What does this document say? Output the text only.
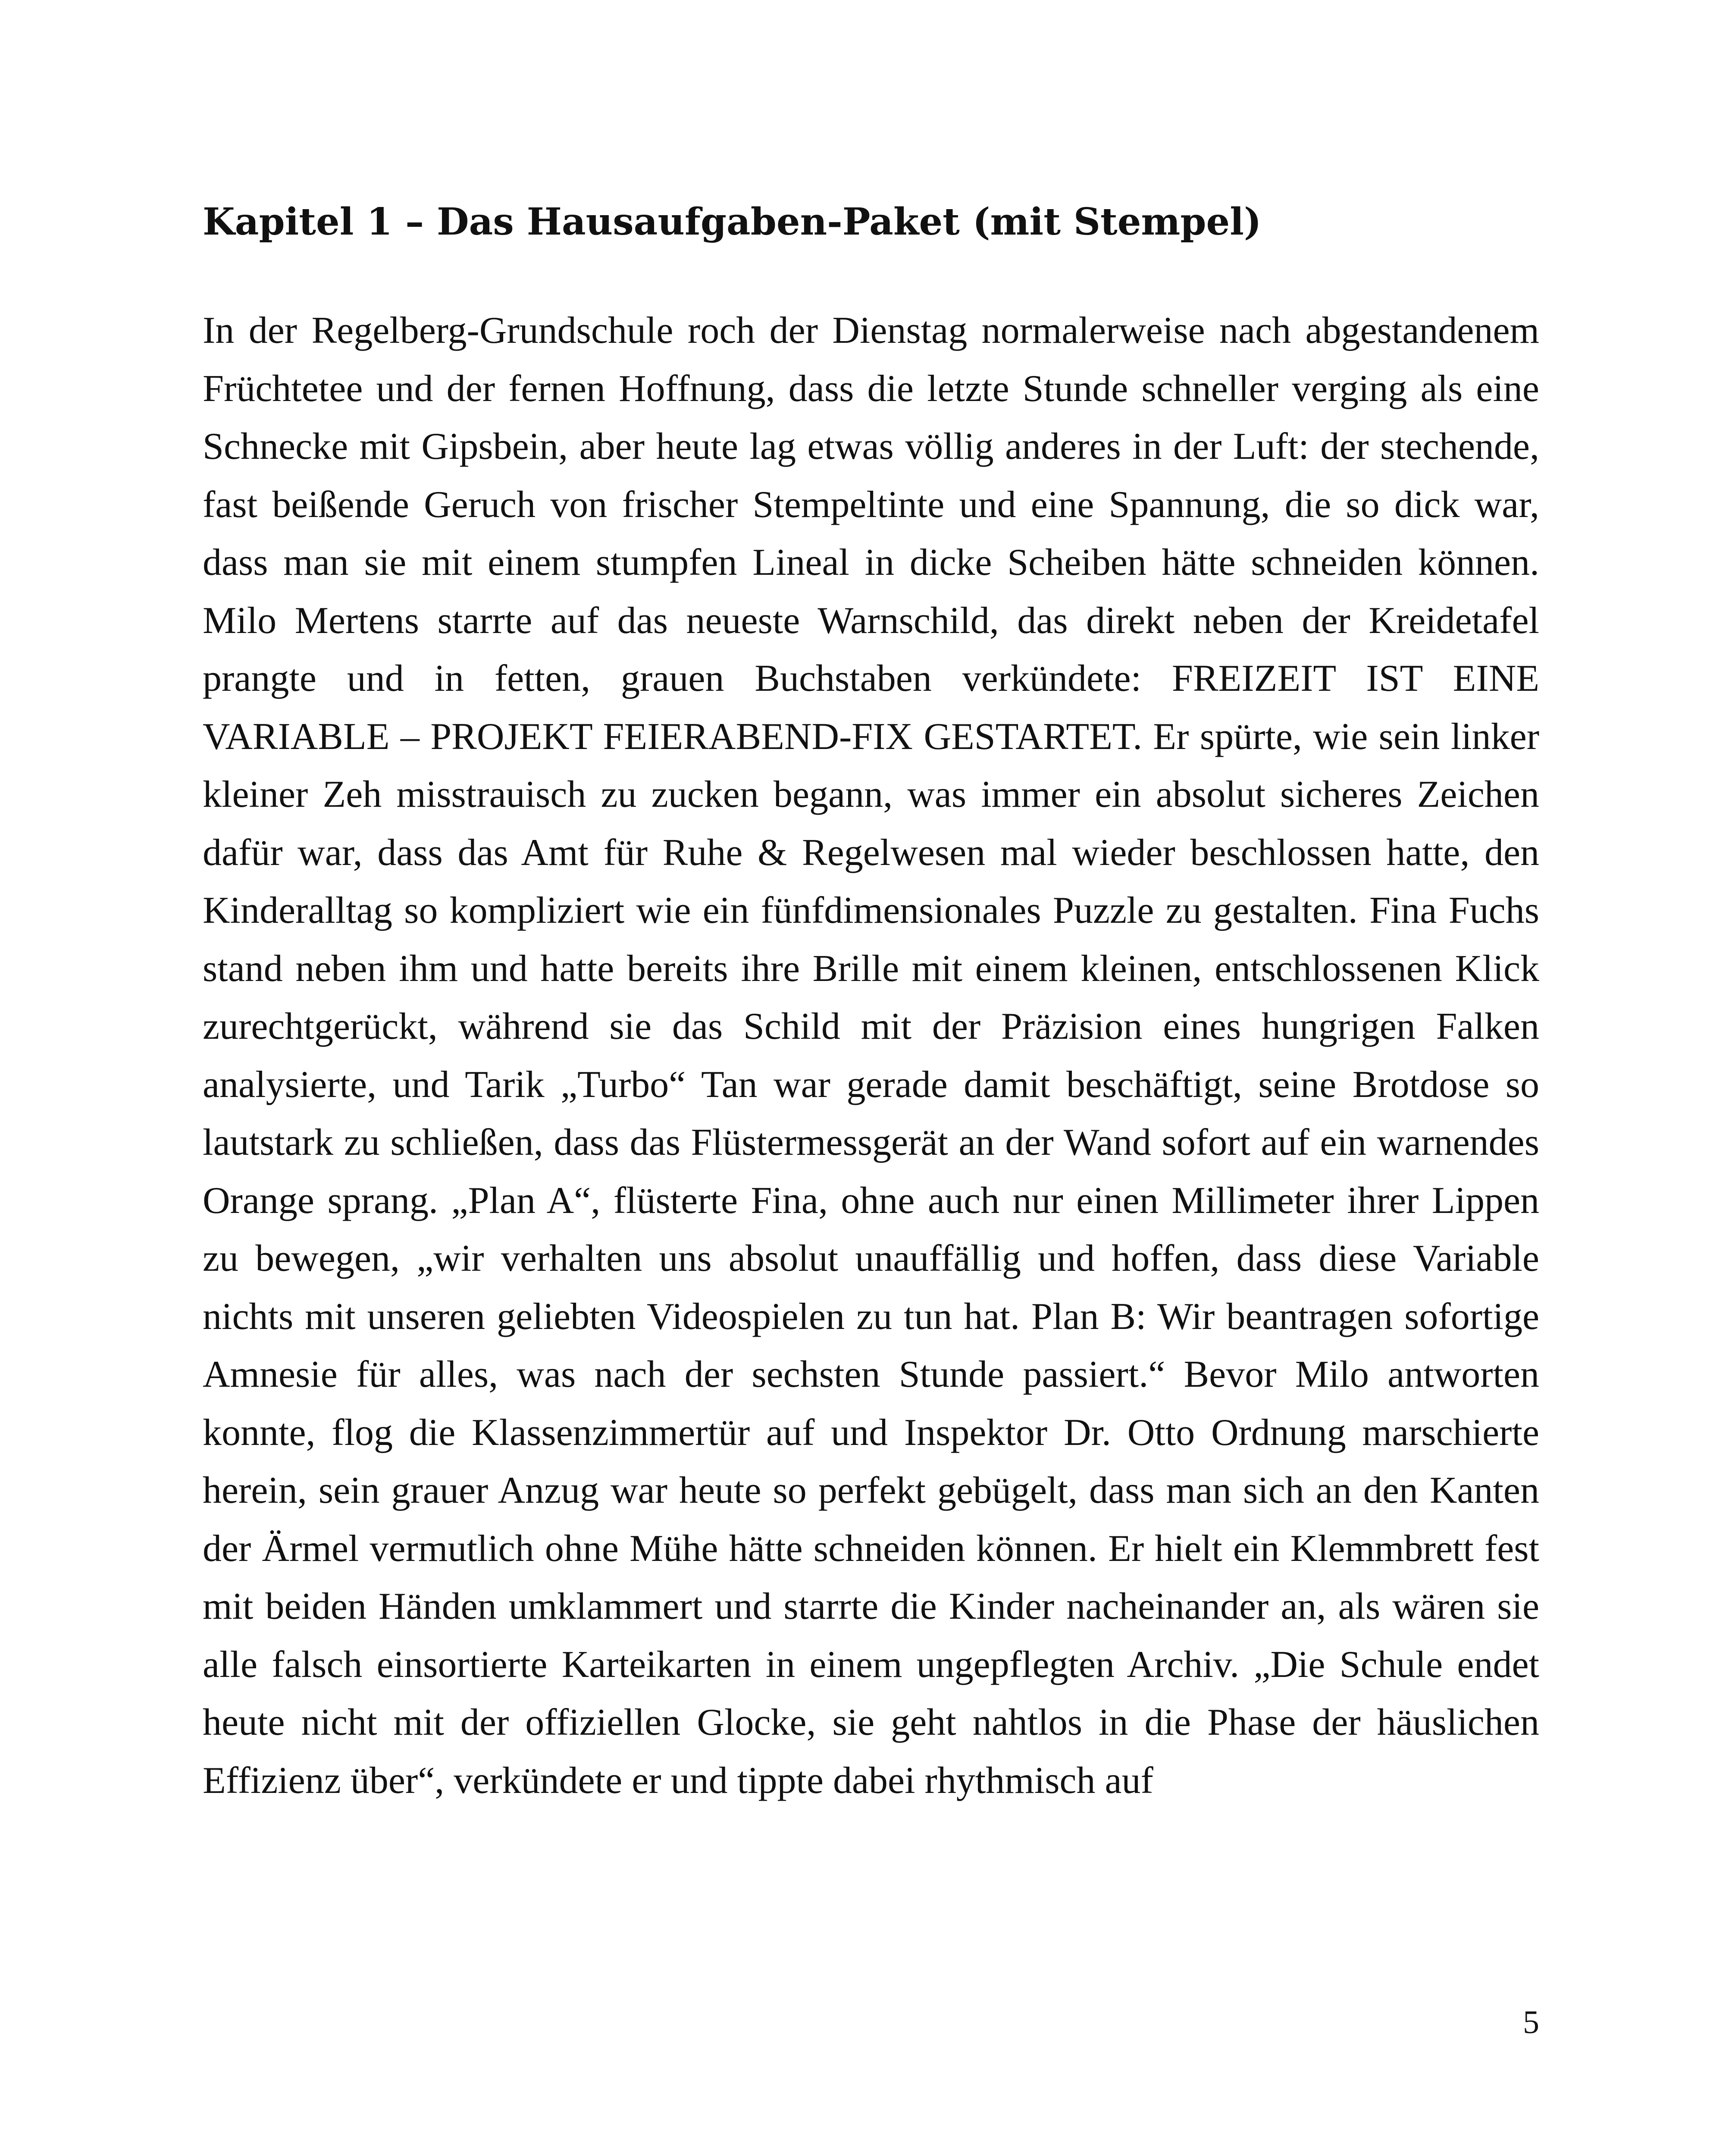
Kapitel 1 – Das Hausaufgaben-Paket (mit Stempel)

In der Regelberg-Grundschule roch der Dienstag normalerweise nach abgestandenem Früchtetee und der fernen Hoffnung, dass die letzte Stunde schneller verging als eine Schnecke mit Gipsbein, aber heute lag etwas völlig anderes in der Luft: der stechende, fast beißende Geruch von frischer Stempeltinte und eine Spannung, die so dick war, dass man sie mit einem stumpfen Lineal in dicke Scheiben hätte schneiden können. Milo Mertens starrte auf das neueste Warnschild, das direkt neben der Kreidetafel prangte und in fetten, grauen Buchstaben verkündete: FREIZEIT IST EINE VARIABLE – PROJEKT FEIERABEND-FIX GESTARTET. Er spürte, wie sein linker kleiner Zeh misstrauisch zu zucken begann, was immer ein absolut sicheres Zeichen dafür war, dass das Amt für Ruhe & Regelwesen mal wieder beschlossen hatte, den Kinderalltag so kompliziert wie ein fünfdimensionales Puzzle zu gestalten. Fina Fuchs stand neben ihm und hatte bereits ihre Brille mit einem kleinen, entschlossenen Klick zurechtgerückt, während sie das Schild mit der Präzision eines hungrigen Falken analysierte, und Tarik „Turbo“ Tan war gerade damit beschäftigt, seine Brotdose so lautstark zu schließen, dass das Flüstermessgerät an der Wand sofort auf ein warnendes Orange sprang. „Plan A“, flüsterte Fina, ohne auch nur einen Millimeter ihrer Lippen zu bewegen, „wir verhalten uns absolut unauffällig und hoffen, dass diese Variable nichts mit unseren geliebten Videospielen zu tun hat. Plan B: Wir beantragen sofortige Amnesie für alles, was nach der sechsten Stunde passiert.“ Bevor Milo antworten konnte, flog die Klassenzimmertür auf und Inspektor Dr. Otto Ordnung marschierte herein, sein grauer Anzug war heute so perfekt gebügelt, dass man sich an den Kanten der Ärmel vermutlich ohne Mühe hätte schneiden können. Er hielt ein Klemmbrett fest mit beiden Händen umklammert und starrte die Kinder nacheinander an, als wären sie alle falsch einsortierte Karteikarten in einem ungepflegten Archiv. „Die Schule endet heute nicht mit der offiziellen Glocke, sie geht nahtlos in die Phase der häuslichen Effizienz über“, verkündete er und tippte dabei rhythmisch auf

5
